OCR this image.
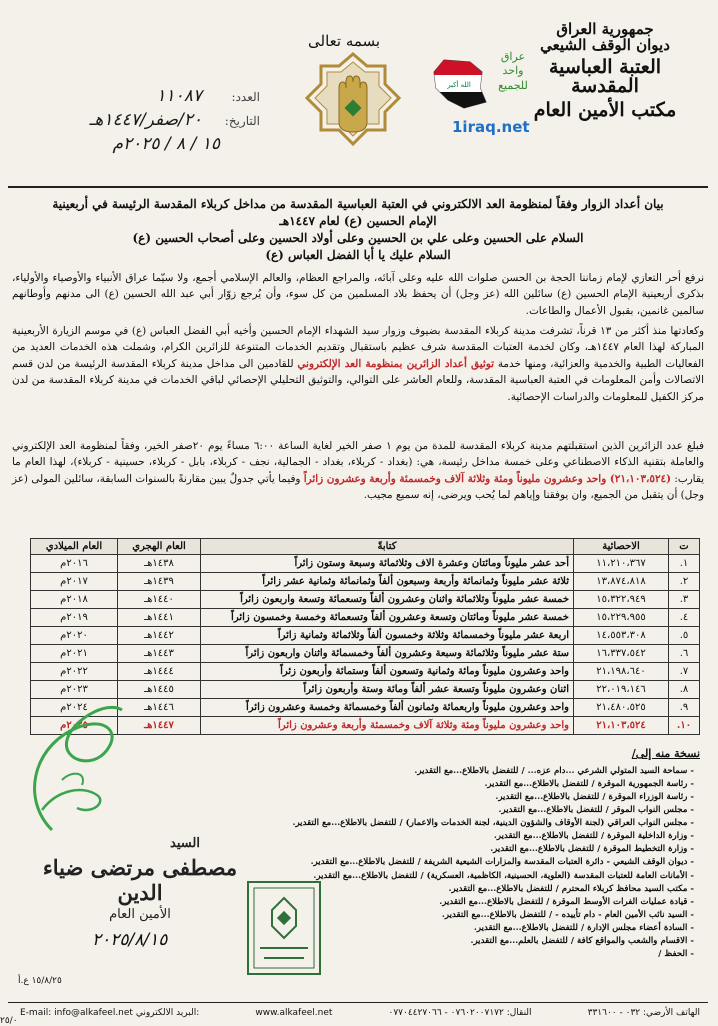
جمهورية العراق
ديوان الوقف الشيعي
العتبة العباسية المقدسة
مكتب الأمين العام
بسمه تعالى
الله أكبر
عراق
واحد
للجميع
1iraq.net
العدد:
١١٠٨٧
التاريخ:
٢٠/صفر/١٤٤٧هـ
١٥ / ٨ / ٢٠٢٥م
بيان أعداد الزوار وفقاً لمنظومة العد الالكتروني في العتبة العباسية المقدسة من مداخل كربلاء المقدسة الرئيسة في أربعينية
الإمام الحسين (ع) لعام ١٤٤٧هـ
السلام على الحسين وعلى علي بن الحسين وعلى أولاد الحسين وعلى أصحاب الحسين (ع)
السلام عليك يا أبا الفضل العباس (ع)
نرفع أحر التعازي لإمام زماننا الحجة بن الحسن صلوات الله عليه وعلى آبائه، والمراجع العظام، والعالم الإسلامي أجمع، ولا سيّما عراق الأنبياء والأوصياء والأولياء، بذكرى أربعينية الإمام الحسين (ع) سائلين الله (عز وجل) أن يحفظ بلاد المسلمين من كل سوء، وأن يُرجع زوّار أبي عبد الله الحسين (ع) الى مدنهم وأوطانهم سالمين غانمين، بقبول الأعمال والطاعات.
وكعادتها منذ أكثر من ١٣ قرناً، تشرفت مدينة كربلاء المقدسة بضيوف وزوار سيد الشهداء الإمام الحسين وأخيه أبي الفضل العباس (ع) في موسم الزيارة الأربعينية المباركة لهذا العام ١٤٤٧هـ، وكان لخدمة العتبات المقدسة شرف عظيم باستقبال وتقديم الخدمات المتنوعة للزائرين الكرام، وشملت هذه الخدمات العديد من الفعاليات الطبية والخدمية والعزائية، ومنها خدمة توثيق أعداد الزائرين بمنظومة العد الإلكتروني للقادمين الى مداخل مدينة كربلاء المقدسة الرئيسة من لدن قسم الاتصالات وأمن المعلومات في العتبة العباسية المقدسة، وللعام العاشر على التوالي، والتوثيق التحليلي الإحصائي لباقي الخدمات في مدينة كربلاء المقدسة من لدن مركز الكفيل للمعلومات والدراسات الإحصائية.
فبلغ عدد الزائرين الذين استقبلتهم مدينة كربلاء المقدسة للمدة من يوم ١ صفر الخير لغاية الساعة ٦:٠٠ مساءً يوم ٢٠صفر الخير، وفقاً لمنظومة العد الإلكتروني والعاملة بتقنية الذكاء الاصطناعي وعلى خمسة مداخل رئيسة، هي: (بغداد - كربلاء، بغداد - الجمالية، نجف - كربلاء، بابل - كربلاء، حسينية - كربلاء)، لهذا العام ما يقارب: (٢١،١٠٣،٥٢٤) واحد وعشرون مليوناً ومئة وثلاثة آلاف وخمسمئة وأربعة وعشرون زائراً وفيما يأتي جدولٌ يبين مقارنةً بالسنوات السابقة، سائلين المولى (عز وجل) أن يتقبل من الجميع، وان يوفقنا وإياهم لما يُحب ويرضى، إنه سميع مجيب.
ت	الاحصائية	كتابةً	العام الهجري	العام الميلادي
١.	١١،٢١٠،٣٦٧	أحد عشر مليوناً ومائتان وعشرة الاف وثلاثمائة وسبعة وستون زائراً	١٤٣٨هـ	٢٠١٦م
٢.	١٣،٨٧٤،٨١٨	ثلاثة عشر مليوناً وثمانمائة وأربعة وسبعون ألفاً وثمانمائة وثمانية عشر زائراً	١٤٣٩هـ	٢٠١٧م
٣.	١٥،٣٢٢،٩٤٩	خمسة عشر مليوناً وثلاثمائة واثنان وعشرون ألفاً وتسعمائة وتسعة واربعون زائراً	١٤٤٠هـ	٢٠١٨م
٤.	١٥،٢٢٩،٩٥٥	خمسة عشر مليوناً ومائتان وتسعة وعشرون ألفاً وتسعمائة وخمسة وخمسون زائراً	١٤٤١هـ	٢٠١٩م
٥.	١٤،٥٥٣،٣٠٨	اربعة عشر مليوناً وخمسمائة وثلاثة وخمسون ألفاً وثلاثمائة وثمانية زائراً	١٤٤٢هـ	٢٠٢٠م
٦.	١٦،٣٣٧،٥٤٢	ستة عشر مليوناً وثلاثمائة وسبعة وعشرون ألفاً وخمسمائة واثنان واربعون زائراً	١٤٤٣هـ	٢٠٢١م
٧.	٢١،١٩٨،٦٤٠	واحد وعشرون مليوناً ومائة وثمانية وتسعون ألفاً وستمائة وأربعون زئراً	١٤٤٤هـ	٢٠٢٢م
٨.	٢٢،٠١٩،١٤٦	اثنان وعشرون مليوناً وتسعة عشر ألفاً ومائة وستة وأربعون زائراً	١٤٤٥هـ	٢٠٢٣م
٩.	٢١،٤٨٠،٥٢٥	واحد وعشرون مليوناً واربعمائة وثمانون ألفاً وخمسمائة وخمسة وعشرون زائراً	١٤٤٦هـ	٢٠٢٤م
١٠.	٢١،١٠٣،٥٢٤	واحد وعشرون مليوناً ومئة وثلاثة آلاف وخمسمئة وأربعة وعشرون زائراً	١٤٤٧هـ	٢٠٢٥م
نسخة منه إلى/
- سماحة السيد المتولي الشرعي ...دام عزه... / للتفضل بالاطلاع...مع التقدير.
- رئاسة الجمهورية الموقرة / للتفضل بالاطلاع...مع التقدير.
- رئاسة الوزراء الموقرة / للتفضل بالاطلاع...مع التقدير.
- مجلس النواب الموقر / للتفضل بالاطلاع...مع التقدير.
- مجلس النواب العراقي (لجنة الأوقاف والشؤون الدينية، لجنة الخدمات والاعمار) / للتفضل بالاطلاع...مع التقدير.
- وزارة الداخلية الموقرة / للتفضل بالاطلاع...مع التقدير.
- وزارة التخطيط الموقرة / للتفضل بالاطلاع...مع التقدير.
- ديوان الوقف الشيعي - دائرة العتبات المقدسة والمزارات الشيعية الشريفة / للتفضل بالاطلاع...مع التقدير.
- الأمانات العامة للعتبات المقدسة (العلوية، الحسينية، الكاظمية، العسكرية) / للتفضل بالاطلاع...مع التقدير.
- مكتب السيد محافظ كربلاء المحترم / للتفضل بالاطلاع...مع التقدير.
- قيادة عمليات الفرات الأوسط الموقرة / للتفضل بالاطلاع...مع التقدير.
- السيد نائب الأمين العام - دام تأييده - / للتفضل بالاطلاع...مع التقدير.
- السادة أعضاء مجلس الإدارة / للتفضل بالاطلاع...مع التقدير.
- الاقسام والشعب والمواقع كافة / للتفضل بالعلم...مع التقدير.
- الحفظ /
السيد
مصطفى مرتضى ضياء الدين
الأمين العام
٢٠٢٥/٨/١٥
١٥/٨/٢٥ ع.أ
E-mail: info@alkafeel.net البريد الالكتروني:	www.alkafeel.net	النقال: ٠٧٦٠٢٠٠٧١٧٢ - ٠٧٧٠٤٤٢٧٠٦٦	الهاتف الأرضي: ٠٣٢ - ٣٣١٦٠٠
٢٥/٠
